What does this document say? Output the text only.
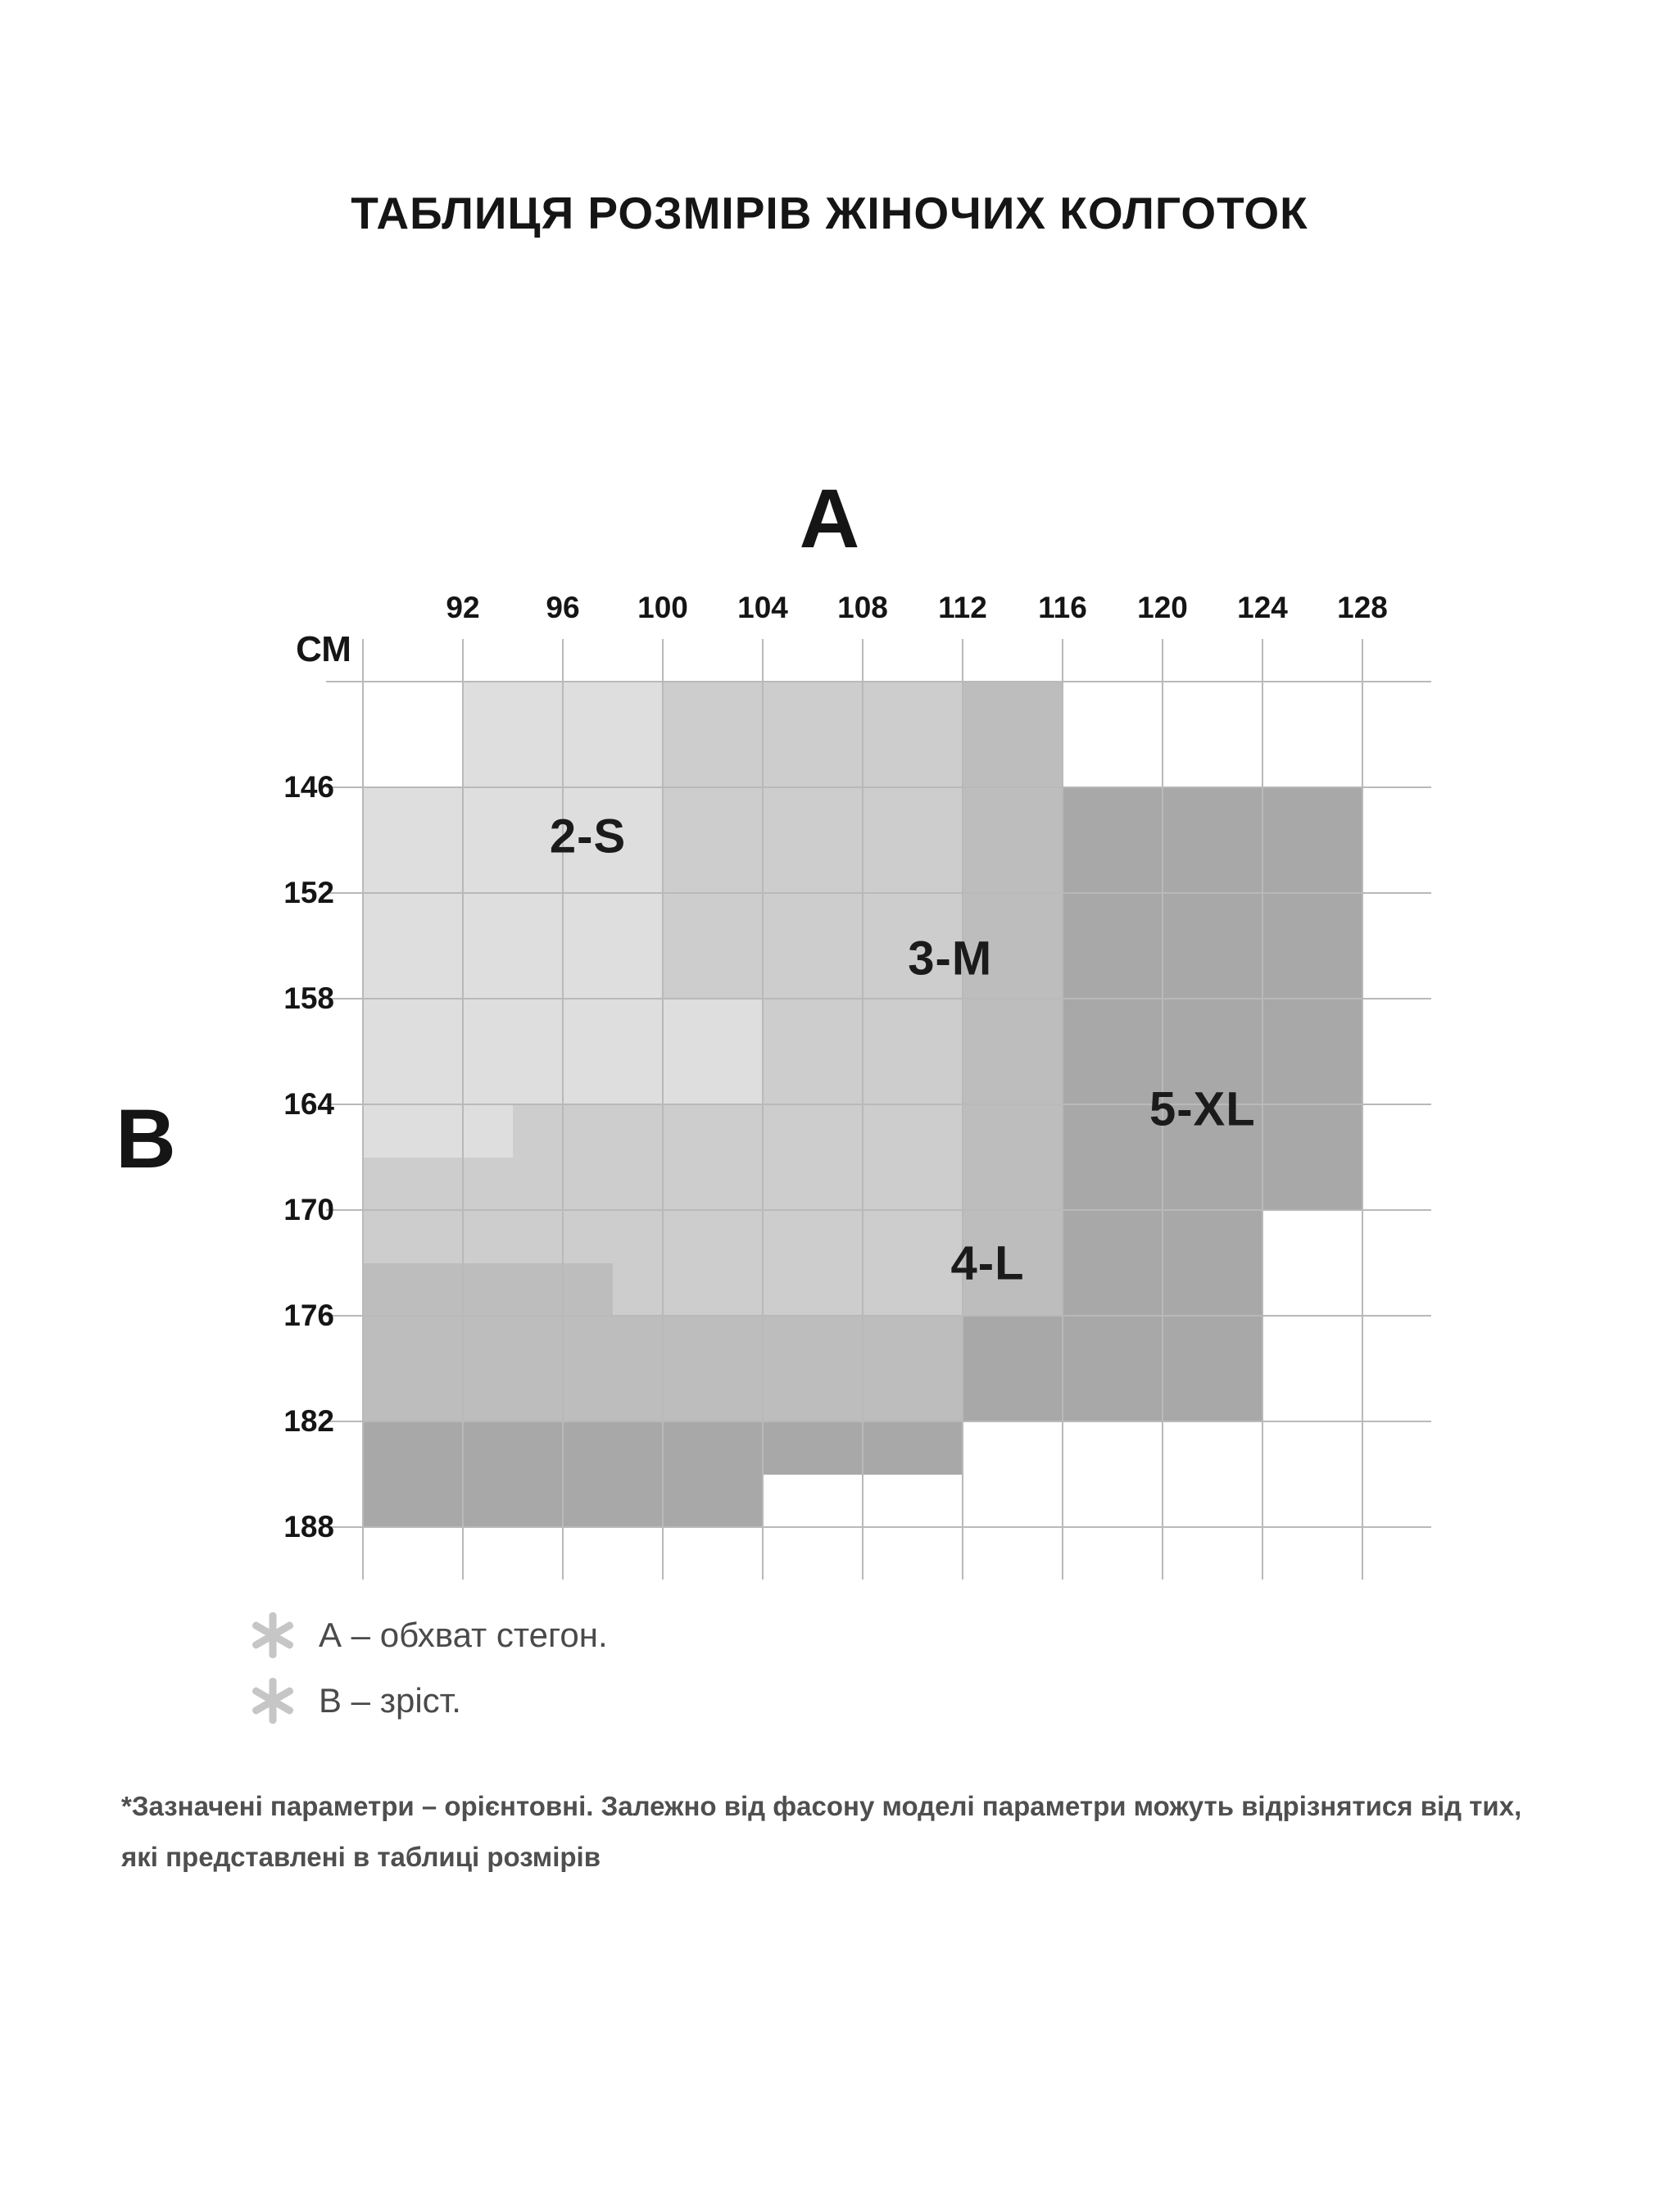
ТАБЛИЦЯ РОЗМІРІВ ЖІНОЧИХ КОЛГОТОК
А
СМ
В
92 96 100 104 108 112 116 120 124 128
146
152
158
164
170
176
182
188
2-S
3-M
4-L
5-XL
А – обхват стегон.
В – зріст.
*Зазначені параметри – орієнтовні. Залежно від фасону моделі параметри можуть відрізнятися від тих,
які представлені в таблиці розмірів
